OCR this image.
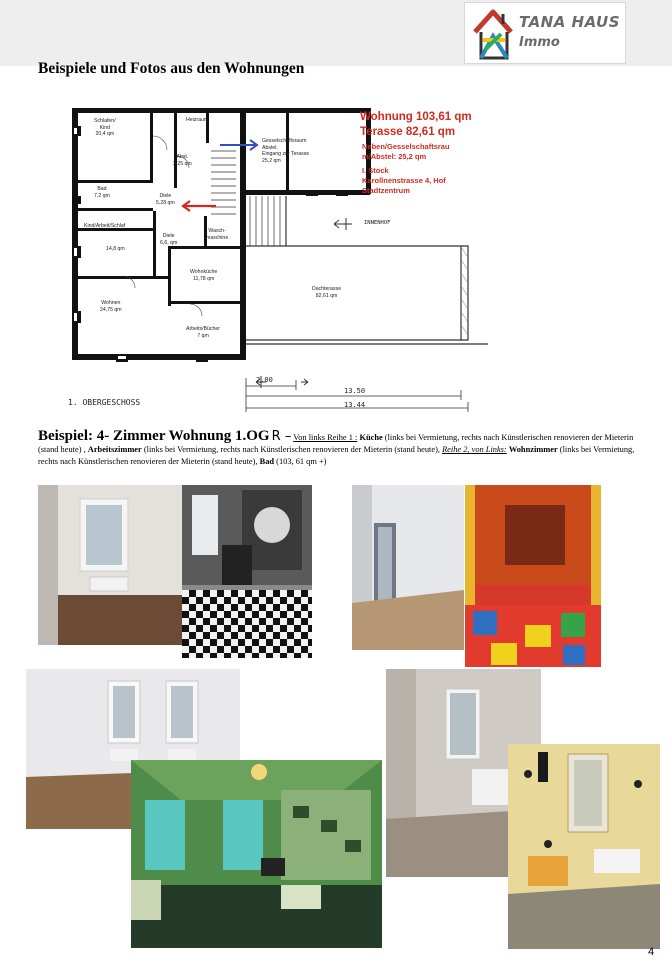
TANA HAUS
Immo
Beispiele und Fotos aus den Wohnungen
Schlafen/
Kind
20,4 qm
Heizraum
Abst.
3,25 qm
Gesselschaftsraum
Abstel.
Eingang zur Terasse
25,2 qm
Bad
7,2 qm	Diele
5,28 qm
Kind/Arbeit/Schlaf
14,8 qm
Diele
6,6, qm
Wasch-
maschine
Wohnküche
11,78 qm
Wohnen
24,75 qm
Dachterasse
82,61 qm
Arbeits/Bücher
7 qm
INNENHOF
1. OBERGESCHOSS
2.00
13.50
13.44
Wohnung 103,61 qm
Terasse 82,61 qm
Neben/Gesselschaftsrau
m/Abstel: 25,2 qm
I. Stock
Karollnenstrasse 4, Hof
Stadtzentrum
Beispiel: 4- Zimmer Wohnung 1.OG R – Von links Reihe 1 : Küche (links bei Vermietung, rechts nach Künstlerischen renovieren der Mieterin (stand heute) , Arbeitszimmer (links bei Vermietung, rechts nach Künstlerischen renovieren der Mieterin (stand heute), Reihe 2, von Links: Wohnzimmer (links bei Vermietung, rechts nach Künstlerischen renovieren der Mieterin (stand heute), Bad (103, 61 qm +)
4
